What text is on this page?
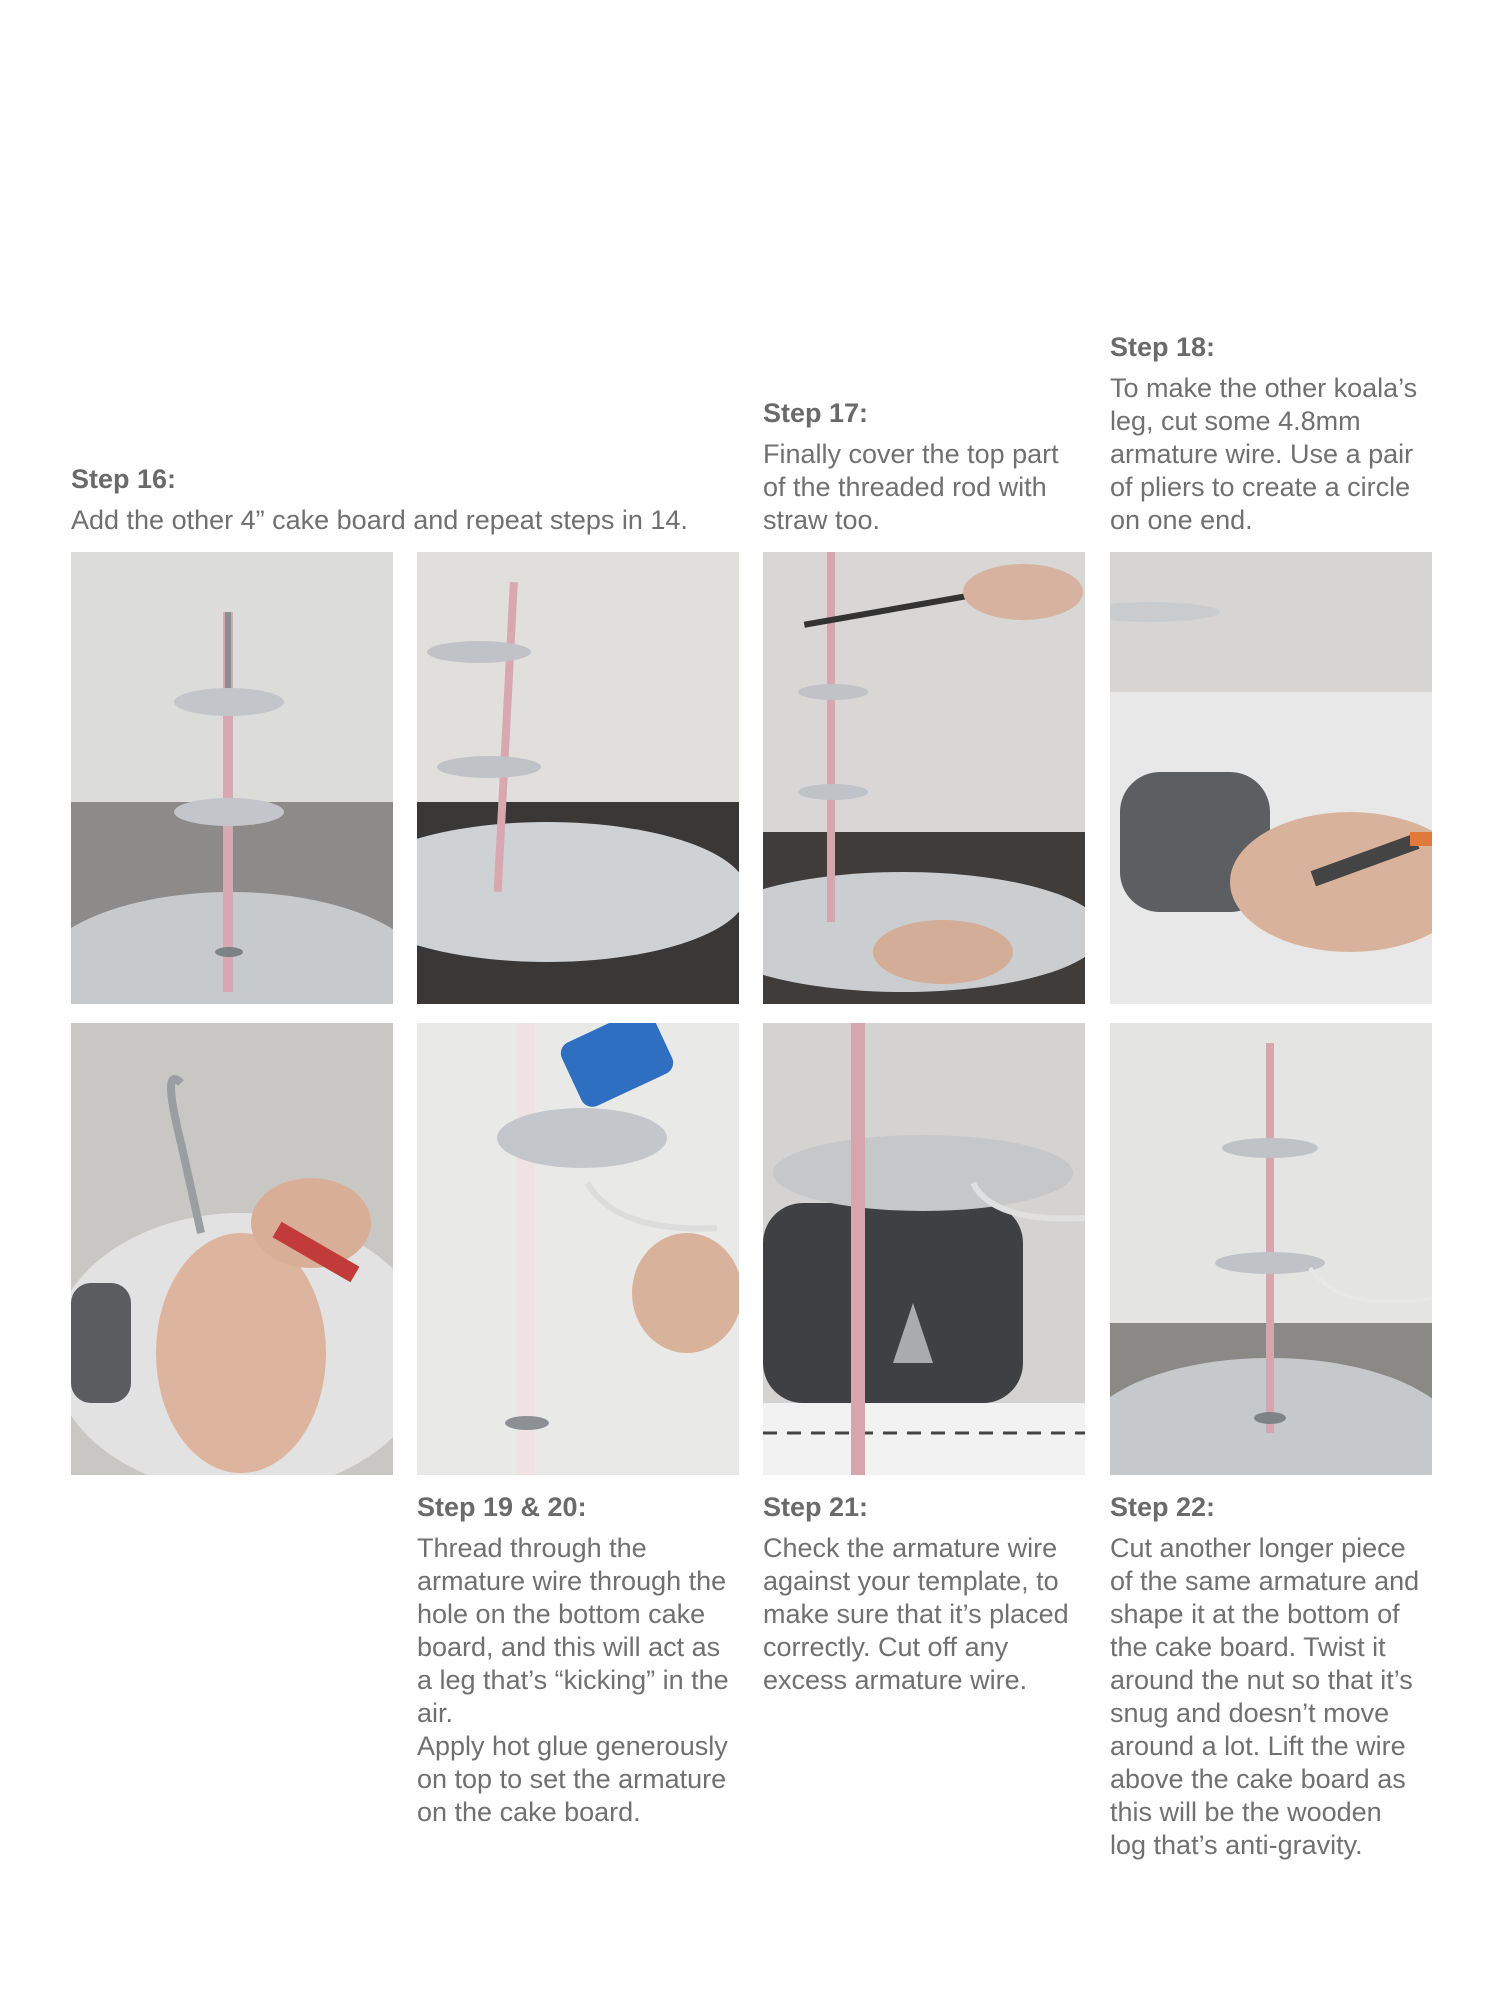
Step 16:

Add the other 4” cake board and repeat steps in 14.

Step 17:

Finally cover the top part
of the threaded rod with
straw too.

Step 18:

To make the other koala’s
leg, cut some 4.8mm
armature wire. Use a pair
of pliers to create a circle
on one end.

Step 19 & 20:

Thread through the
armature wire through the
hole on the bottom cake
board, and this will act as
a leg that’s “kicking” in the
air.
Apply hot glue generously
on top to set the armature
on the cake board.

Step 21:

Check the armature wire
against your template, to
make sure that it’s placed
correctly. Cut off any
excess armature wire.

Step 22:

Cut another longer piece
of the same armature and
shape it at the bottom of
the cake board. Twist it
around the nut so that it’s
snug and doesn’t move
around a lot. Lift the wire
above the cake board as
this will be the wooden
log that’s anti-gravity.
